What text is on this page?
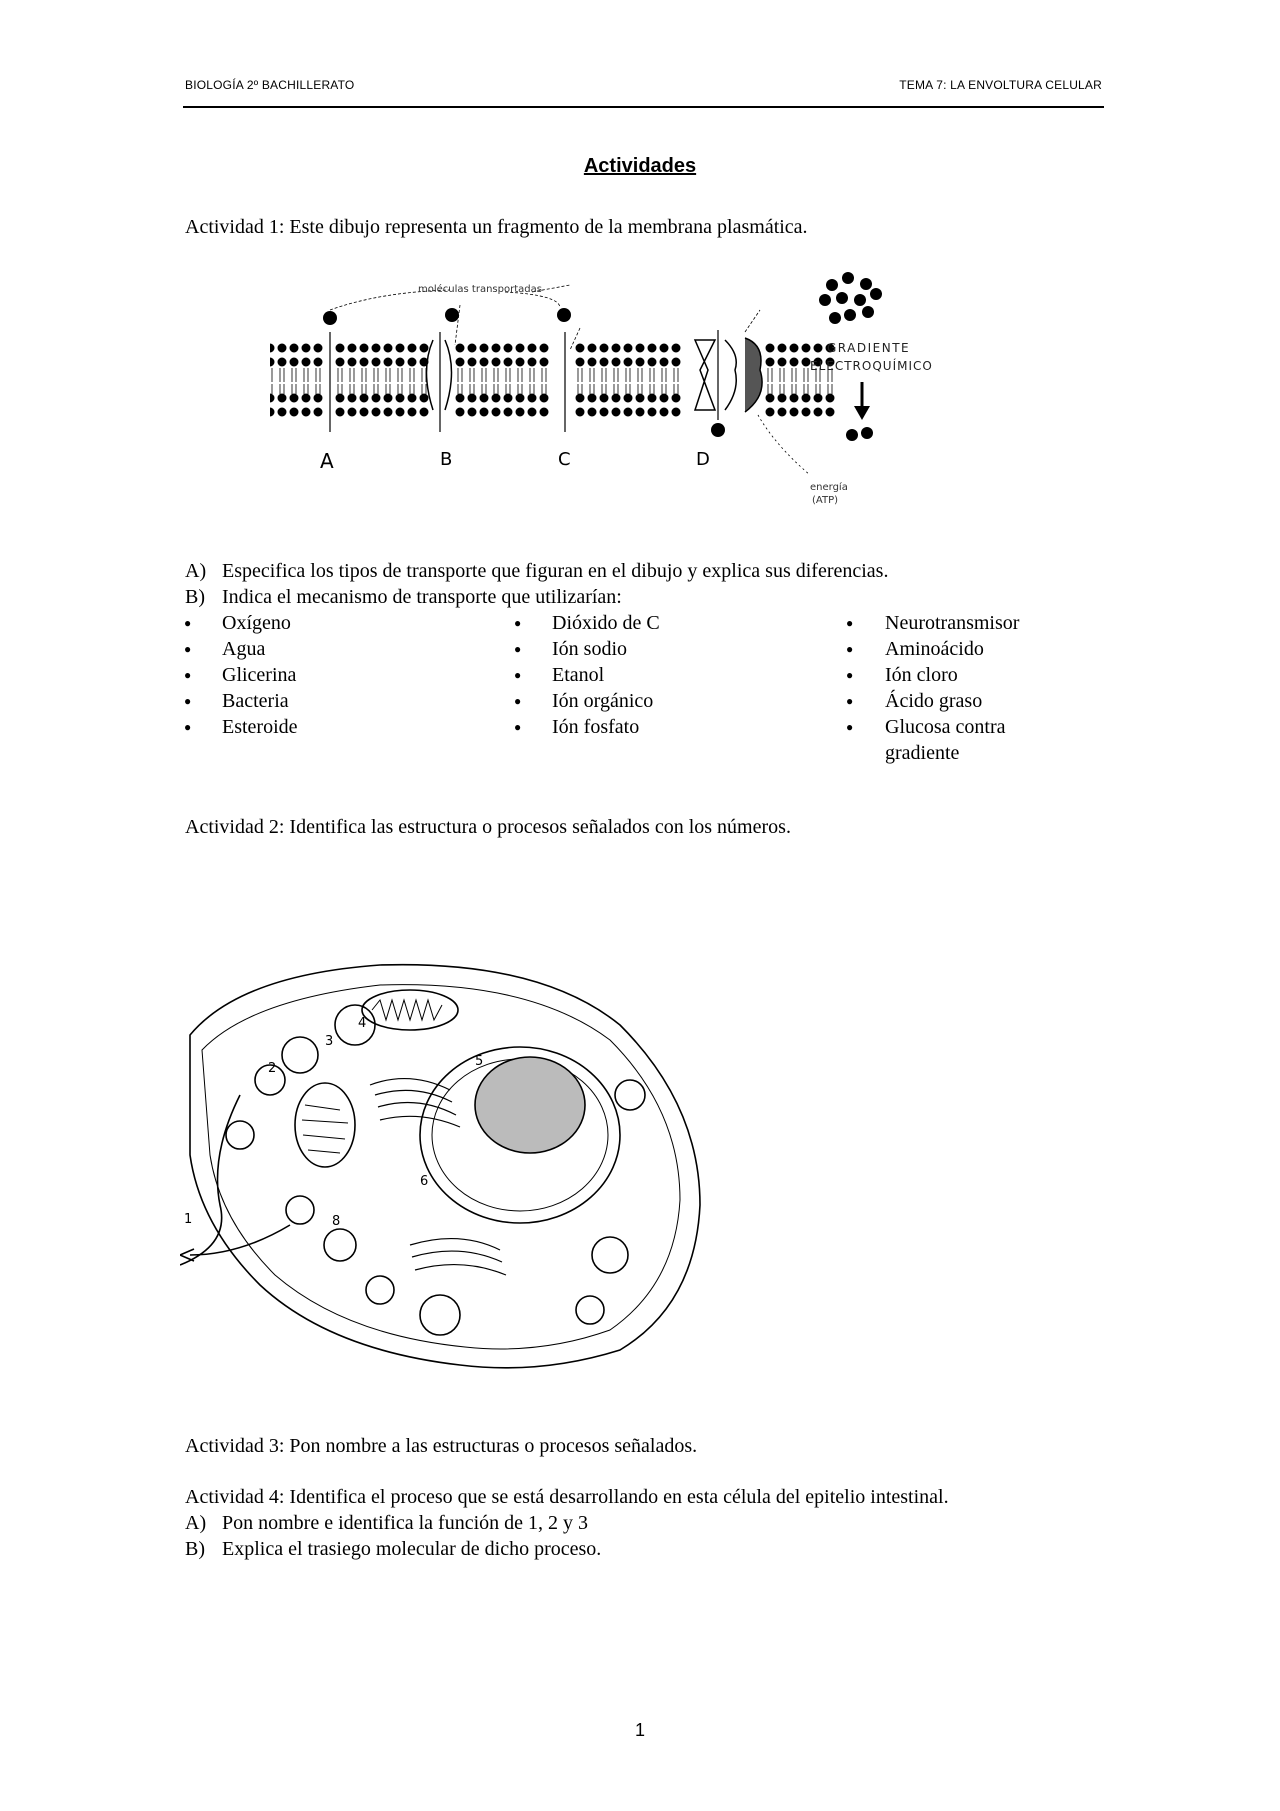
BIOLOGÍA 2º BACHILLERATO	TEMA 7: LA ENVOLTURA CELULAR
Actividades
Actividad 1: Este dibujo representa un fragmento de la membrana plasmática.
moléculas transportadas
GRADIENTE
ELECTROQUÍMICO
A	B	C	D
energía
(ATP)
A) Especifica los tipos de transporte que figuran en el dibujo y explica sus diferencias.
B) Indica el mecanismo de transporte que utilizarían:
● Oxígeno
● Agua
● Glicerina
● Bacteria
● Esteroide
● Dióxido de C
● Ión sodio
● Etanol
● Ión orgánico
● Ión fosfato
● Neurotransmisor
● Aminoácido
● Ión cloro
● Ácido graso
● Glucosa contra
gradiente
Actividad 2: Identifica las estructura o procesos señalados con los números.
1
2
3
4
5
6
8
Actividad 3: Pon nombre a las estructuras o procesos señalados.
Actividad 4: Identifica el proceso que se está desarrollando en esta célula del epitelio intestinal.
A) Pon nombre e identifica la función de 1, 2 y 3
B) Explica el trasiego molecular de dicho proceso.
1
